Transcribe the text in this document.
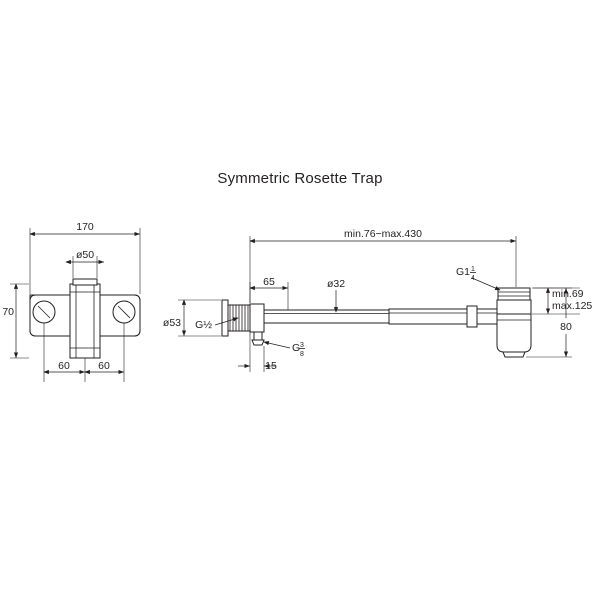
Symmetric Rosette Trap
170
ø50
70
60	60
min.76−max.430
ø53 G½
65	ø32
G 3
8
15
G1 1
4
min.69
max.125
80
